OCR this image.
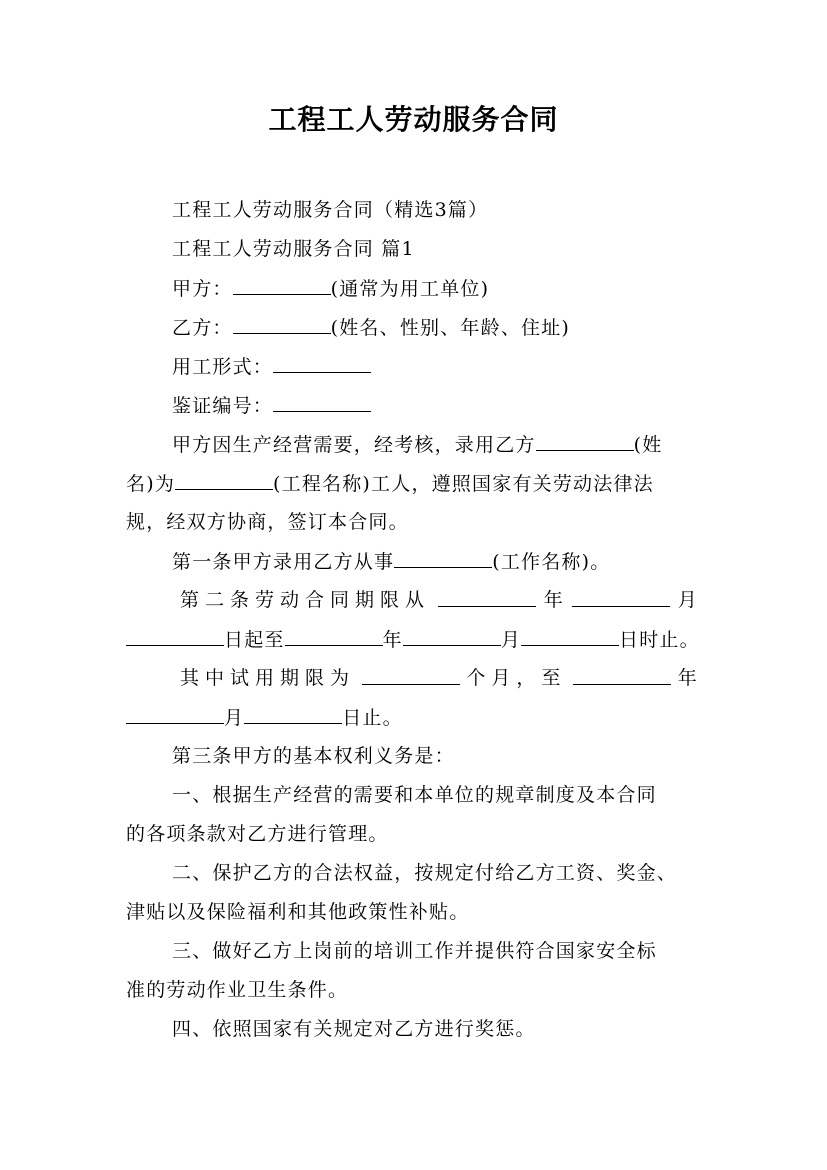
工程工人劳动服务合同
工程工人劳动服务合同（精选3篇）
工程工人劳动服务合同 篇1
甲方：	(通常为用工单位)
乙方：	(姓名、性别、年龄、住址)
用工形式：
鉴证编号：
甲方因生产经营需要，经考核，录用乙方	(姓
名)为	(工程名称)工人，遵照国家有关劳动法律法
规，经双方协商，签订本合同。
第一条甲方录用乙方从事	(工作名称)。
第二条劳动合同期限从	年	月
日起至	年	月	日时止。
其中试用期限为	个月，至	年
月	日止。
第三条甲方的基本权利义务是：
一、根据生产经营的需要和本单位的规章制度及本合同
的各项条款对乙方进行管理。
二、保护乙方的合法权益，按规定付给乙方工资、奖金、
津贴以及保险福利和其他政策性补贴。
三、做好乙方上岗前的培训工作并提供符合国家安全标
准的劳动作业卫生条件。
四、依照国家有关规定对乙方进行奖惩。
